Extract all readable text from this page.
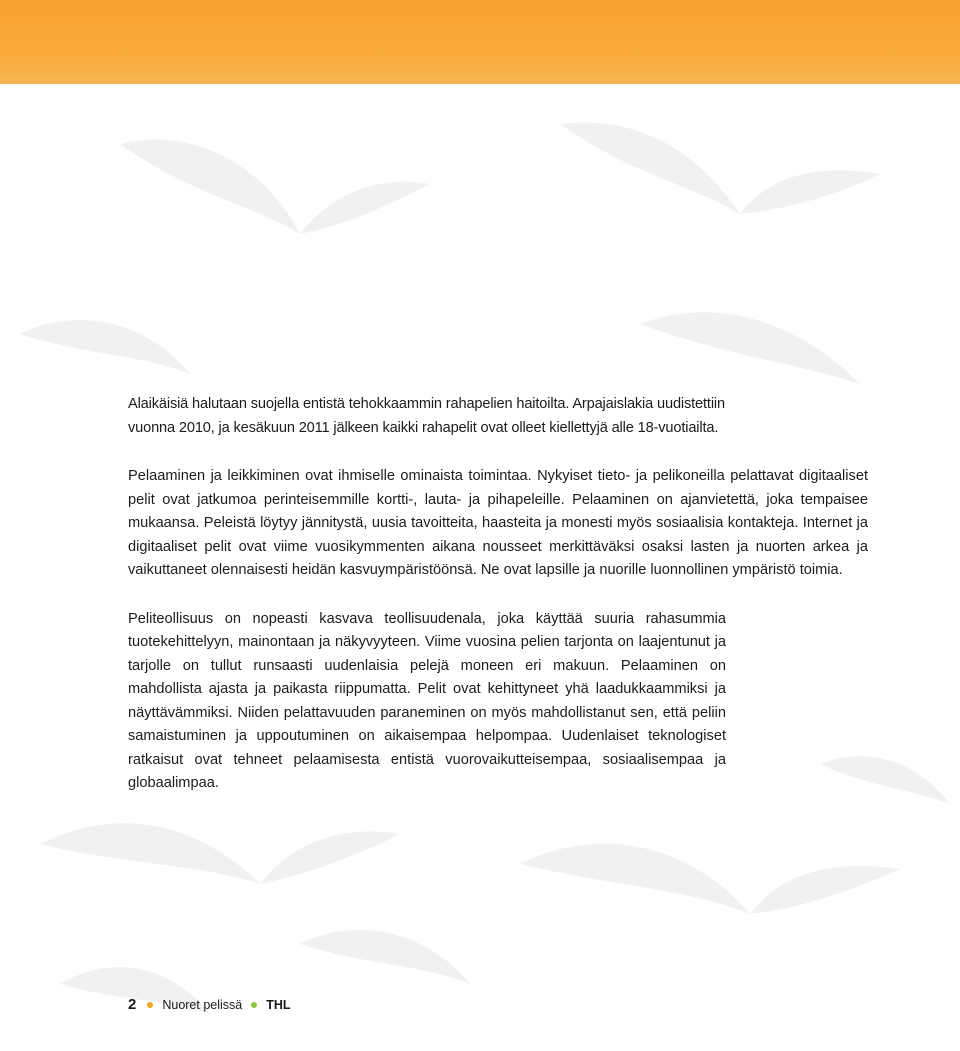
Alaikäisiä halutaan suojella entistä tehokkaammin rahapelien haitoilta. Arpajaislakia uudistettiin vuonna 2010, ja kesäkuun 2011 jälkeen kaikki rahapelit ovat olleet kiellettyjä alle 18-vuotiailta.

Pelaaminen ja leikkiminen ovat ihmiselle ominaista toimintaa. Nykyiset tieto- ja pelikoneilla pelattavat digitaaliset pelit ovat jatkumoa perinteisemmille kortti-, lauta- ja pihapeleille. Pelaaminen on ajanvietettä, joka tempaisee mukaansa. Peleistä löytyy jännitystä, uusia tavoitteita, haasteita ja monesti myös sosiaalisia kontakteja. Internet ja digitaaliset pelit ovat viime vuosikymmenten aikana nousseet merkittäväksi osaksi lasten ja nuorten arkea ja vaikuttaneet olennaisesti heidän kasvuympäristöönsä. Ne ovat lapsille ja nuorille luonnollinen ympäristö toimia.

Peliteollisuus on nopeasti kasvava teollisuudenala, joka käyttää suuria rahasummia tuotekehittelyyn, mainontaan ja näkyvyyteen. Viime vuosina pelien tarjonta on laajentunut ja tarjolle on tullut runsaasti uudenlaisia pelejä moneen eri makuun. Pelaaminen on mahdollista ajasta ja paikasta riippumatta. Pelit ovat kehittyneet yhä laadukkaammiksi ja näyttävämmiksi. Niiden pelattavuuden paraneminen on myös mahdollistanut sen, että peliin samaistuminen ja uppoutuminen on aikaisempaa helpompaa. Uudenlaiset teknologiset ratkaisut ovat tehneet pelaamisesta entistä vuorovaikutteisempaa, sosiaalisempaa ja globaalimpaa.

2 Nuoret pelissä THL
